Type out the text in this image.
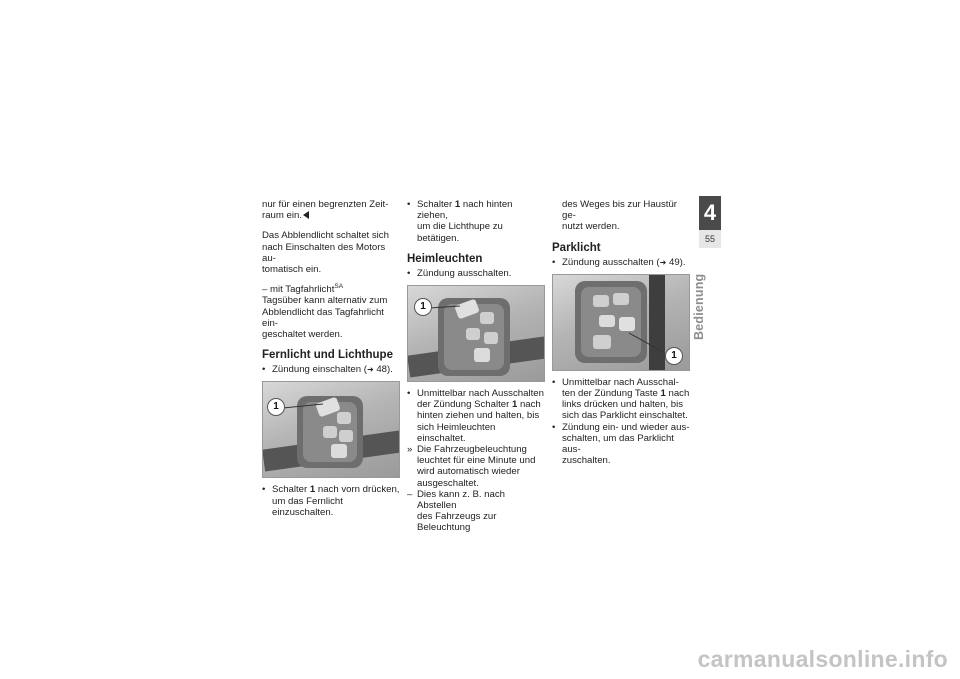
nur für einen begrenzten Zeit-
raum ein.

Das Abblendlicht schaltet sich
nach Einschalten des Motors au-
tomatisch ein.

– mit Tagfahrlicht$^{SA}$

Tagsüber kann alternativ zum
Abblendlicht das Tagfahrlicht ein-
geschaltet werden.

Fernlicht und Lichthupe
• Zündung einschalten (➜ 48).
1
• Schalter 1 nach vorn drücken,
um das Fernlicht einzuschalten.
• Schalter 1 nach hinten ziehen,
um die Lichthupe zu betätigen.
Heimleuchten
• Zündung ausschalten.
1
• Unmittelbar nach Ausschalten
der Zündung Schalter 1 nach
hinten ziehen und halten, bis
sich Heimleuchten einschaltet.
» Die Fahrzeugbeleuchtung
leuchtet für eine Minute und
wird automatisch wieder
ausgeschaltet.
– Dies kann z. B. nach Abstellen
des Fahrzeugs zur Beleuchtung
des Weges bis zur Haustür ge-
nutzt werden.
Parklicht
• Zündung ausschalten (➜ 49).
1
• Unmittelbar nach Ausschal-
ten der Zündung Taste 1 nach
links drücken und halten, bis
sich das Parklicht einschaltet.
• Zündung ein- und wieder aus-
schalten, um das Parklicht aus-
zuschalten.
4
55
Bedienung
carmanualsonline.info
